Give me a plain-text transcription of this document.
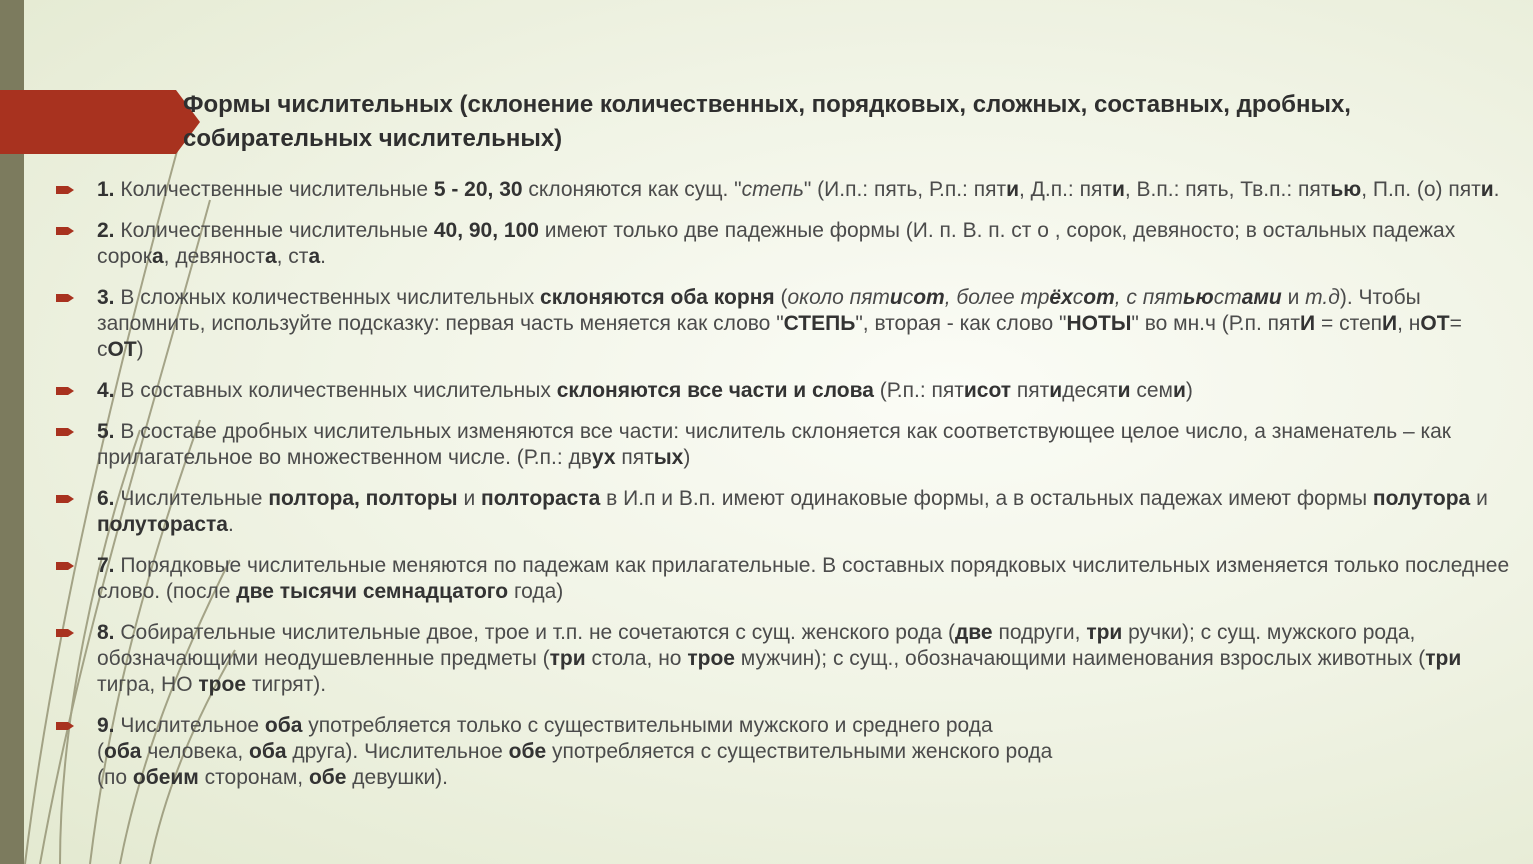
Формы числительных (склонение количественных, порядковых, сложных, составных, дробных, собирательных числительных)
1. Количественные числительные 5 - 20, 30 склоняются как сущ. "степь" (И.п.: пять, Р.п.: пяти, Д.п.: пяти, В.п.: пять, Тв.п.: пятью, П.п. (о) пяти.
2. Количественные числительные 40, 90, 100 имеют только две падежные формы (И. п. В. п. ст о , сорок, девяносто; в остальных падежах сорока, девяноста, ста.
3. В сложных количественных числительных склоняются оба корня (около пятисот, более трёхсот, с пятьюстами и т.д). Чтобы запомнить, используйте подсказку: первая часть меняется как слово "СТЕПЬ", вторая - как слово "НОТЫ" во мн.ч (Р.п. пятИ = степИ, нОТ= сОТ)
4. В составных количественных числительных склоняются все части и слова (Р.п.: пятисот пятидесяти семи)
5. В составе дробных числительных изменяются все части: числитель склоняется как соответствующее целое число, а знаменатель – как прилагательное во множественном числе. (Р.п.: двух пятых)
6. Числительные полтора, полторы и полтораста в И.п и В.п. имеют одинаковые формы, а в остальных падежах имеют формы полутора и полутораста.
7. Порядковые числительные меняются по падежам как прилагательные. В составных порядковых числительных изменяется только последнее слово. (после две тысячи семнадцатого года)
8. Собирательные числительные двое, трое и т.п. не сочетаются с сущ. женского рода (две подруги, три ручки); с сущ. мужского рода, обозначающими неодушевленные предметы (три стола, но трое мужчин); с сущ., обозначающими наименования взрослых животных (три тигра, НО трое тигрят).
9. Числительное оба употребляется только с существительными мужского и среднего рода
(оба человека, оба друга). Числительное обе употребляется с существительными женского рода
(по обеим сторонам, обе девушки).
